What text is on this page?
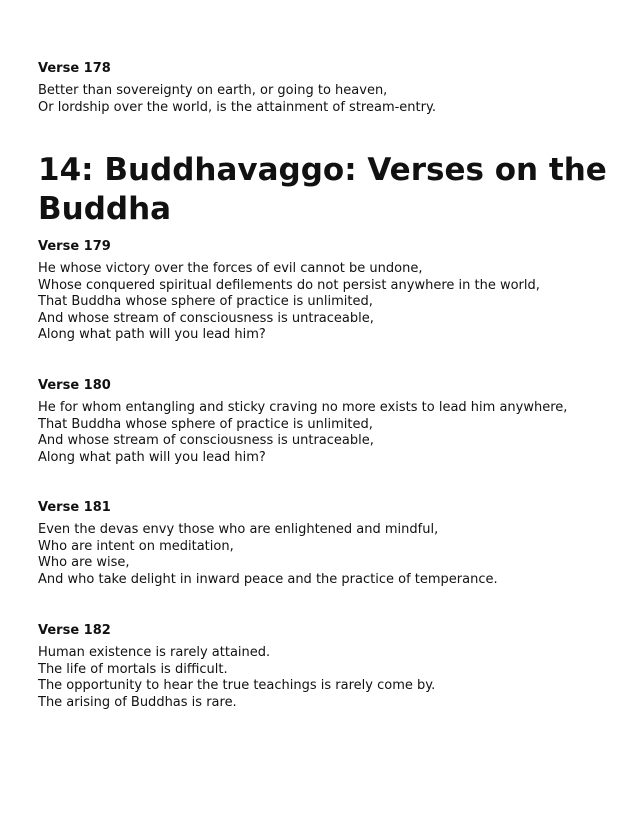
Verse 178
Better than sovereignty on earth, or going to heaven,
Or lordship over the world, is the attainment of stream-entry.
14: Buddhavaggo: Verses on the Buddha
Verse 179
He whose victory over the forces of evil cannot be undone,
Whose conquered spiritual defilements do not persist anywhere in the world,
That Buddha whose sphere of practice is unlimited,
And whose stream of consciousness is untraceable,
Along what path will you lead him?
Verse 180
He for whom entangling and sticky craving no more exists to lead him anywhere,
That Buddha whose sphere of practice is unlimited,
And whose stream of consciousness is untraceable,
Along what path will you lead him?
Verse 181
Even the devas envy those who are enlightened and mindful,
Who are intent on meditation,
Who are wise,
And who take delight in inward peace and the practice of temperance.
Verse 182
Human existence is rarely attained.
The life of mortals is difficult.
The opportunity to hear the true teachings is rarely come by.
The arising of Buddhas is rare.
